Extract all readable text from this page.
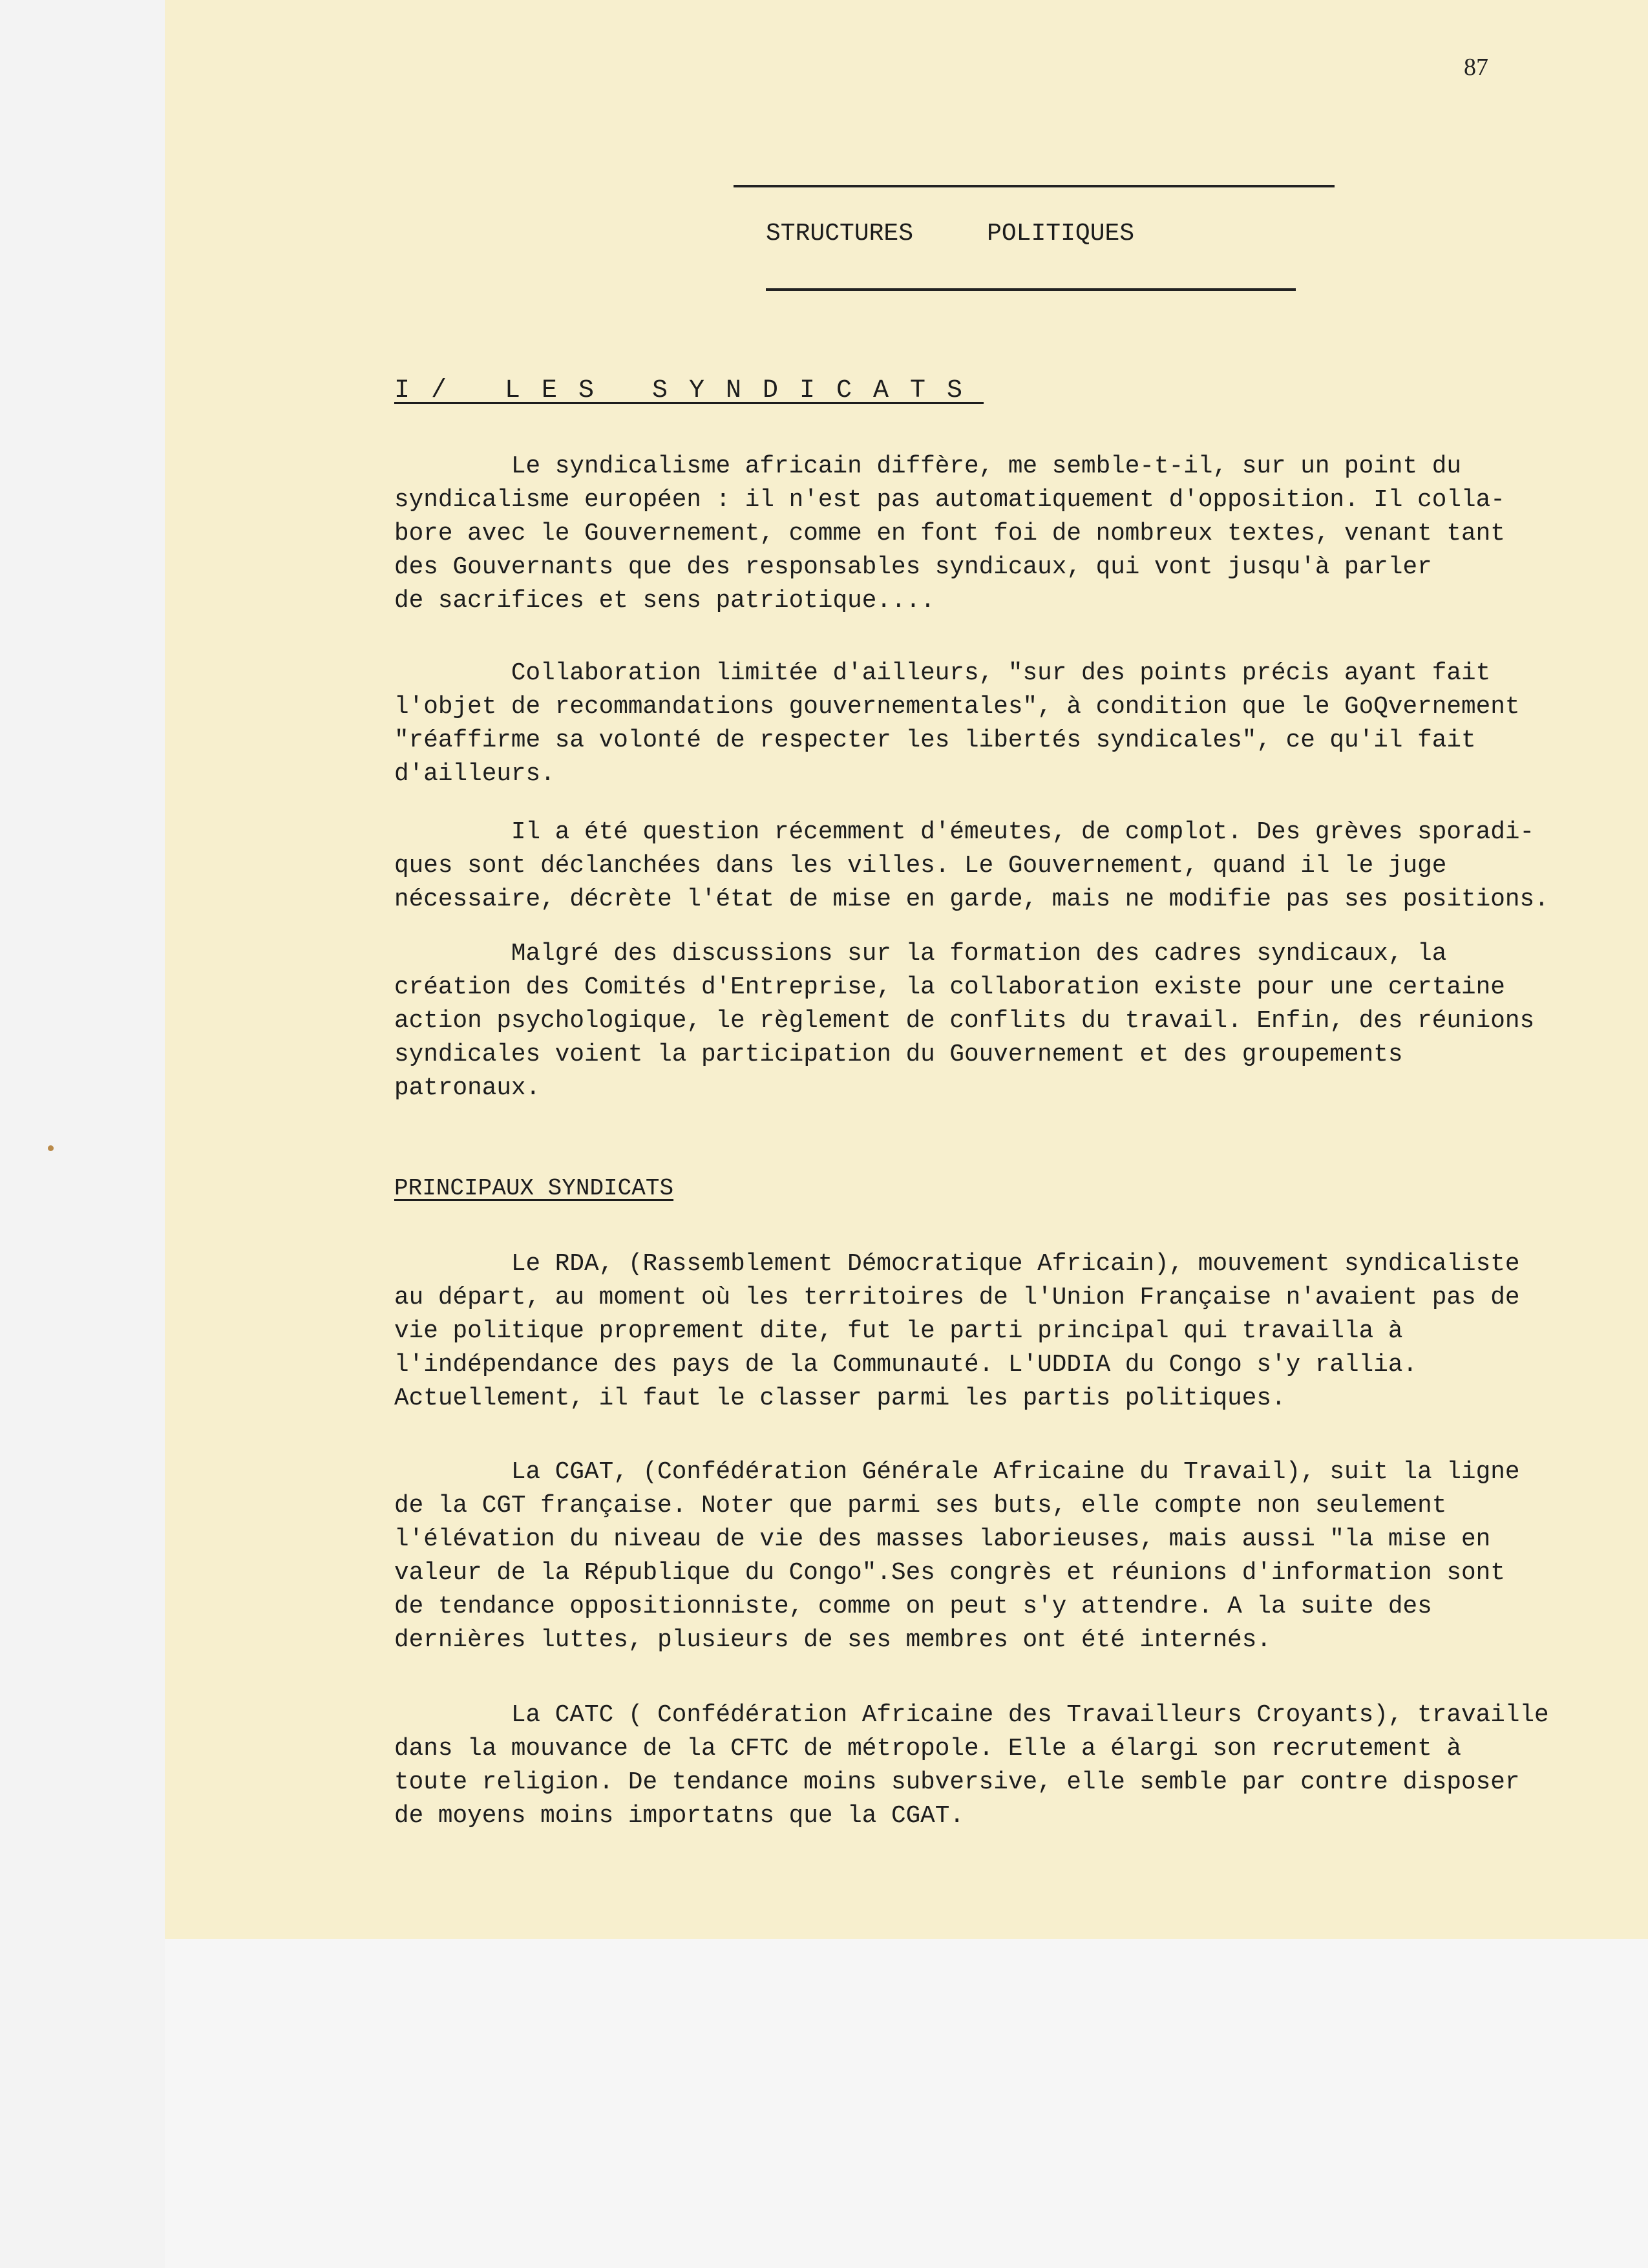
87
STRUCTURES	POLITIQUES
I/ LES SYNDICATS

Le syndicalisme africain diffère, me semble-t-il, sur un point du
syndicalisme européen : il n'est pas automatiquement d'opposition. Il colla-
bore avec le Gouvernement, comme en font foi de nombreux textes, venant tant
des Gouvernants que des responsables syndicaux, qui vont jusqu'à parler
de sacrifices et sens patriotique....

Collaboration limitée d'ailleurs, "sur des points précis ayant fait
l'objet de recommandations gouvernementales", à condition que le GoQvernement
"réaffirme sa volonté de respecter les libertés syndicales", ce qu'il fait
d'ailleurs.

Il a été question récemment d'émeutes, de complot. Des grèves sporadi-
ques sont déclanchées dans les villes. Le Gouvernement, quand il le juge
nécessaire, décrète l'état de mise en garde, mais ne modifie pas ses positions.

Malgré des discussions sur la formation des cadres syndicaux, la
création des Comités d'Entreprise, la collaboration existe pour une certaine
action psychologique, le règlement de conflits du travail. Enfin, des réunions
syndicales voient la participation du Gouvernement et des groupements
patronaux.

PRINCIPAUX SYNDICATS

Le RDA, (Rassemblement Démocratique Africain), mouvement syndicaliste
au départ, au moment où les territoires de l'Union Française n'avaient pas de
vie politique proprement dite, fut le parti principal qui travailla à
l'indépendance des pays de la Communauté. L'UDDIA du Congo s'y rallia.
Actuellement, il faut le classer parmi les partis politiques.

La CGAT, (Confédération Générale Africaine du Travail), suit la ligne
de la CGT française. Noter que parmi ses buts, elle compte non seulement
l'élévation du niveau de vie des masses laborieuses, mais aussi "la mise en
valeur de la République du Congo".Ses congrès et réunions d'information sont
de tendance oppositionniste, comme on peut s'y attendre. A la suite des
dernières luttes, plusieurs de ses membres ont été internés.

La CATC ( Confédération Africaine des Travailleurs Croyants), travaille
dans la mouvance de la CFTC de métropole. Elle a élargi son recrutement à
toute religion. De tendance moins subversive, elle semble par contre disposer
de moyens moins importatns que la CGAT.
